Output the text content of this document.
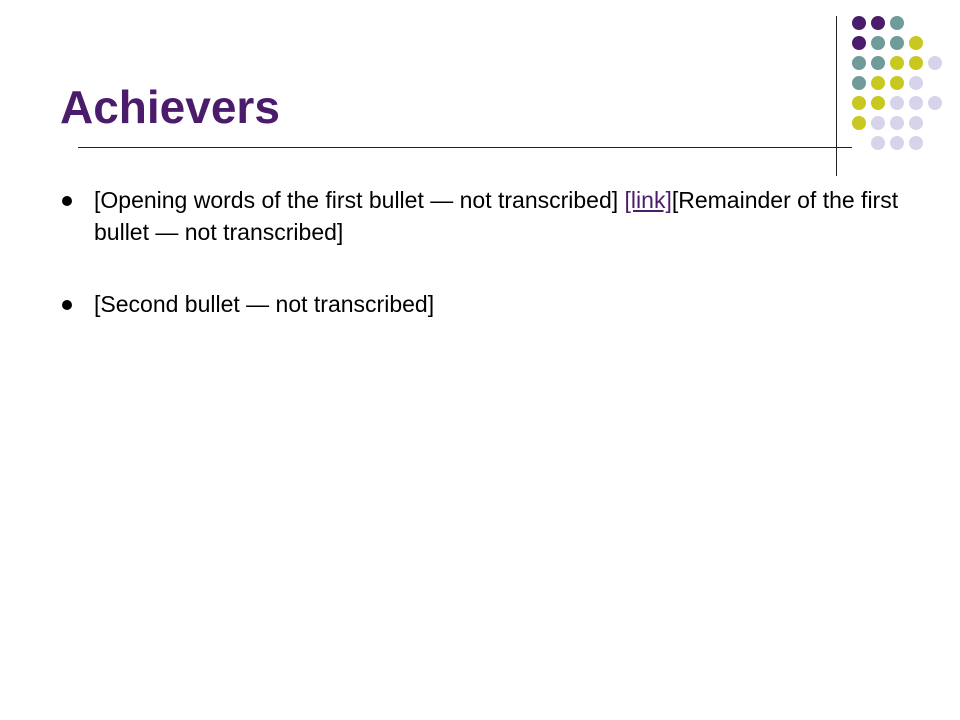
Achievers
[Opening words of the first bullet — not transcribed] [link][Remainder of the first bullet — not transcribed]
[Second bullet — not transcribed]
